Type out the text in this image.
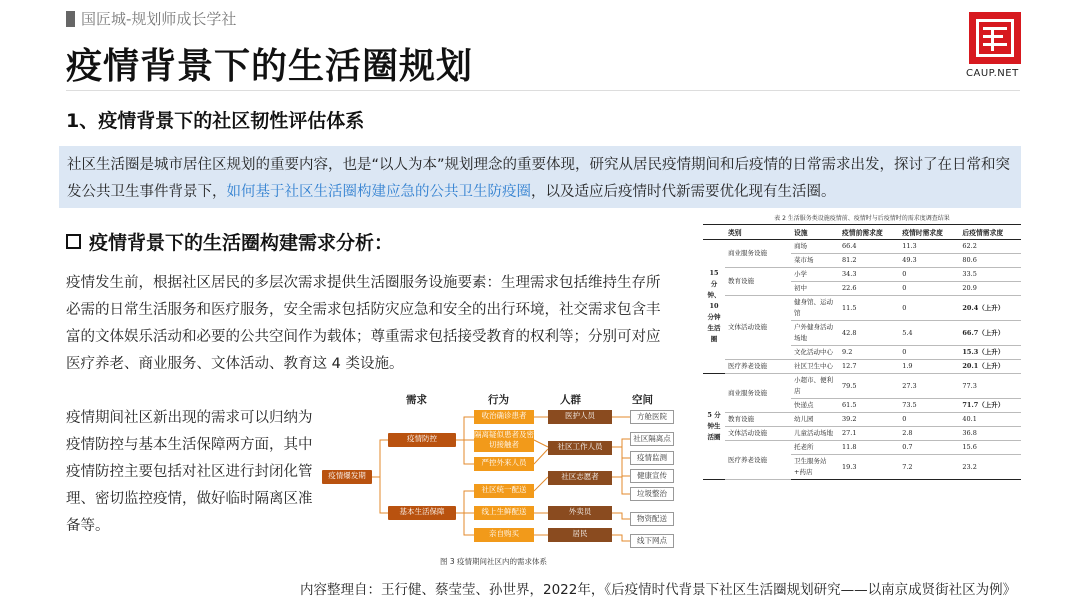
国匠城-规划师成长学社
疫情背景下的生活圈规划	CAUP.NET
1、疫情背景下的社区韧性评估体系
社区生活圈是城市居住区规划的重要内容，也是“以人为本”规划理念的重要体现，研究从居民疫情期间和后疫情的日常需求出发，探讨了在日常和突发公共卫生事件背景下，如何基于社区生活圈构建应急的公共卫生防疫圈，以及适应后疫情时代新需要优化现有生活圈。
疫情背景下的生活圈构建需求分析：
疫情发生前，根据社区居民的多层次需求提供生活圈服务设施要素：生理需求包括维持生存所必需的日常生活服务和医疗服务，安全需求包括防灾应急和安全的出行环境，社交需求包含丰富的文体娱乐活动和必要的公共空间作为载体；尊重需求包括接受教育的权利等；分别可对应医疗养老、商业服务、文体活动、教育这 4 类设施。
疫情期间社区新出现的需求可以归纳为疫情防控与基本生活保障两方面，其中疫情防控主要包括对社区进行封闭化管理、密切监控疫情，做好临时隔离区准备等。
需求	行为	人群	空间
疫情爆发期
疫情防控
基本生活保障
收治确诊患者
隔离疑似患者及密切接触者
严控外来人员
社区统一配送
线上生鲜配送
亲自购买
医护人员
社区工作人员
社区志愿者
外卖员
居民
方舱医院
社区隔离点
疫情监测
健康宣传
垃圾整治
物资配送
线下网点
图 3 疫情期间社区内的需求体系
表 2 生活服务类设施疫情前、疫情时与后疫情时的需求度调查结果
	类别	设施	疫情前需求度	疫情时需求度	后疫情需求度
15 分钟、10 分钟生活圈	商业服务设施	商场	66.4	11.3	62.2
		菜市场	81.2	49.3	80.6
	教育设施	小学	34.3	0	33.5
		初中	22.6	0	20.9
	文体活动设施	健身馆、运动馆	11.5	0	20.4（上升）
		户外健身活动场地	42.8	5.4	66.7（上升）
		文化活动中心	9.2	0	15.3（上升）
	医疗养老设施	社区卫生中心	12.7	1.9	20.1（上升）
5 分钟生活圈	商业服务设施	小超市、便利店	79.5	27.3	77.3
		快递点	61.5	73.5	71.7（上升）
	教育设施	幼儿园	39.2	0	40.1
	文体活动设施	儿童活动场地	27.1	2.8	36.8
	医疗养老设施	托老所	11.8	0.7	15.6
		卫生服务站+药店	19.3	7.2	23.2
内容整理自：王行健、蔡莹莹、孙世界，2022年，《后疫情时代背景下社区生活圈规划研究——以南京成贤街社区为例》
